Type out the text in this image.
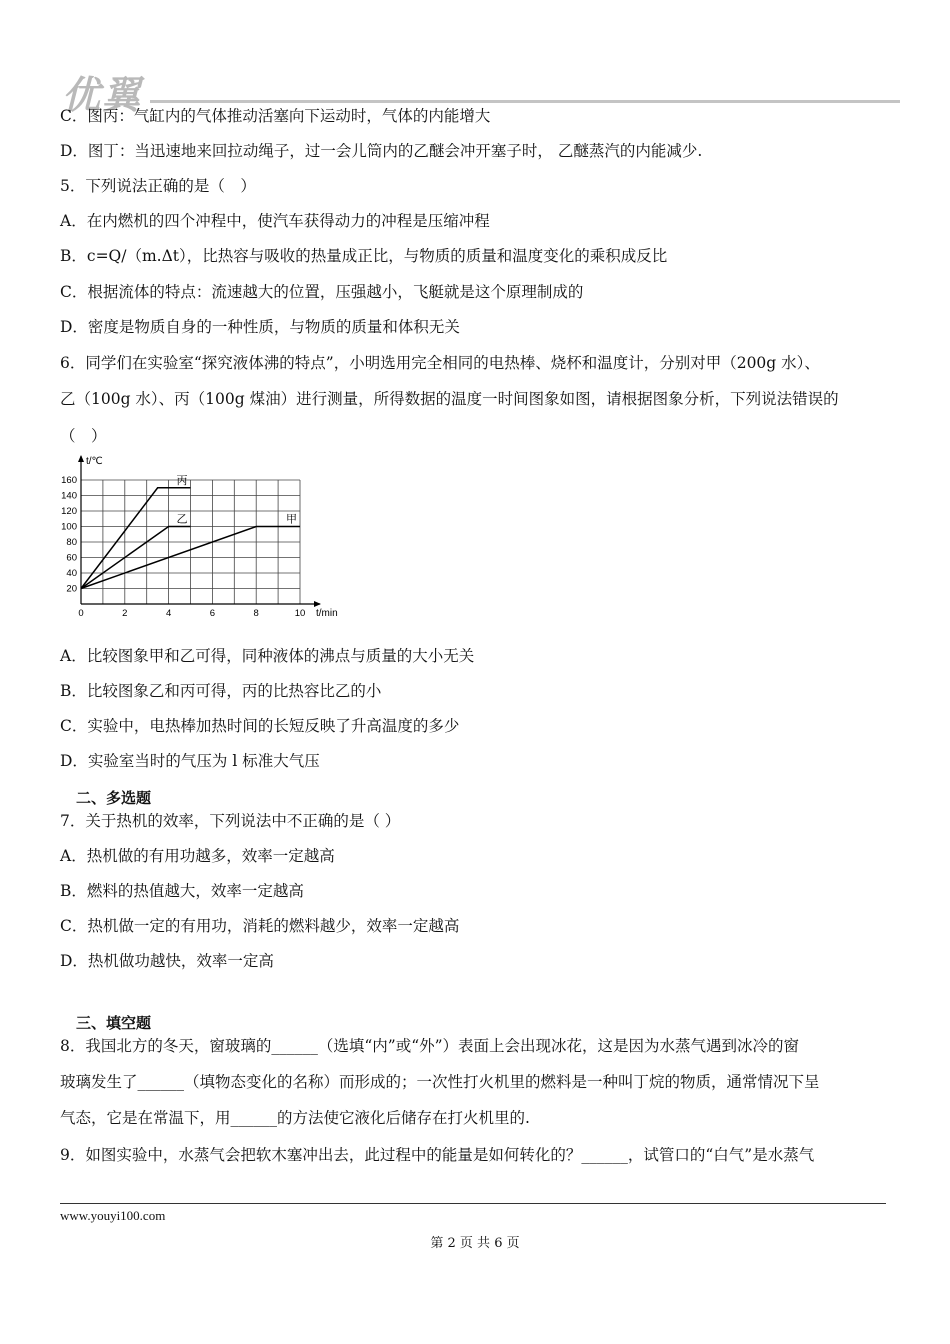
优翼
C．图丙：气缸内的气体推动活塞向下运动时，气体的内能增大
D．图丁：当迅速地来回拉动绳子，过一会儿筒内的乙醚会冲开塞子时， 乙醚蒸汽的内能减少.
5．下列说法正确的是（　）
A．在内燃机的四个冲程中，使汽车获得动力的冲程是压缩冲程
B．c=Q/（m.Δt），比热容与吸收的热量成正比，与物质的质量和温度变化的乘积成反比
C．根据流体的特点：流速越大的位置，压强越小，飞艇就是这个原理制成的
D．密度是物质自身的一种性质，与物质的质量和体积无关
6．同学们在实验室“探究液体沸的特点”，小明选用完全相同的电热棒、烧杯和温度计，分别对甲（200g 水）、
乙（100g 水）、丙（100g 煤油）进行测量，所得数据的温度一时间图象如图，请根据图象分析，下列说法错误的
（　）
t/℃
t/min
20
40
60
80
100
120
140
160
0	2	4	6	8	10
丙
乙	甲
A．比较图象甲和乙可得，同种液体的沸点与质量的大小无关
B．比较图象乙和丙可得，丙的比热容比乙的小
C．实验中，电热棒加热时间的长短反映了升高温度的多少
D．实验室当时的气压为 l 标准大气压
二、多选题
7．关于热机的效率，下列说法中不正确的是（ ）
A．热机做的有用功越多，效率一定越高
B．燃料的热值越大，效率一定越高
C．热机做一定的有用功，消耗的燃料越少，效率一定越高
D．热机做功越快，效率一定高
三、填空题
8．我国北方的冬天，窗玻璃的______（选填“内”或“外”）表面上会出现冰花，这是因为水蒸气遇到冰冷的窗
玻璃发生了______（填物态变化的名称）而形成的；一次性打火机里的燃料是一种叫丁烷的物质，通常情况下呈
气态，它是在常温下，用______的方法使它液化后储存在打火机里的.
9．如图实验中，水蒸气会把软木塞冲出去，此过程中的能量是如何转化的？______，试管口的“白气”是水蒸气
www.youyi100.com
第 2 页 共 6 页
